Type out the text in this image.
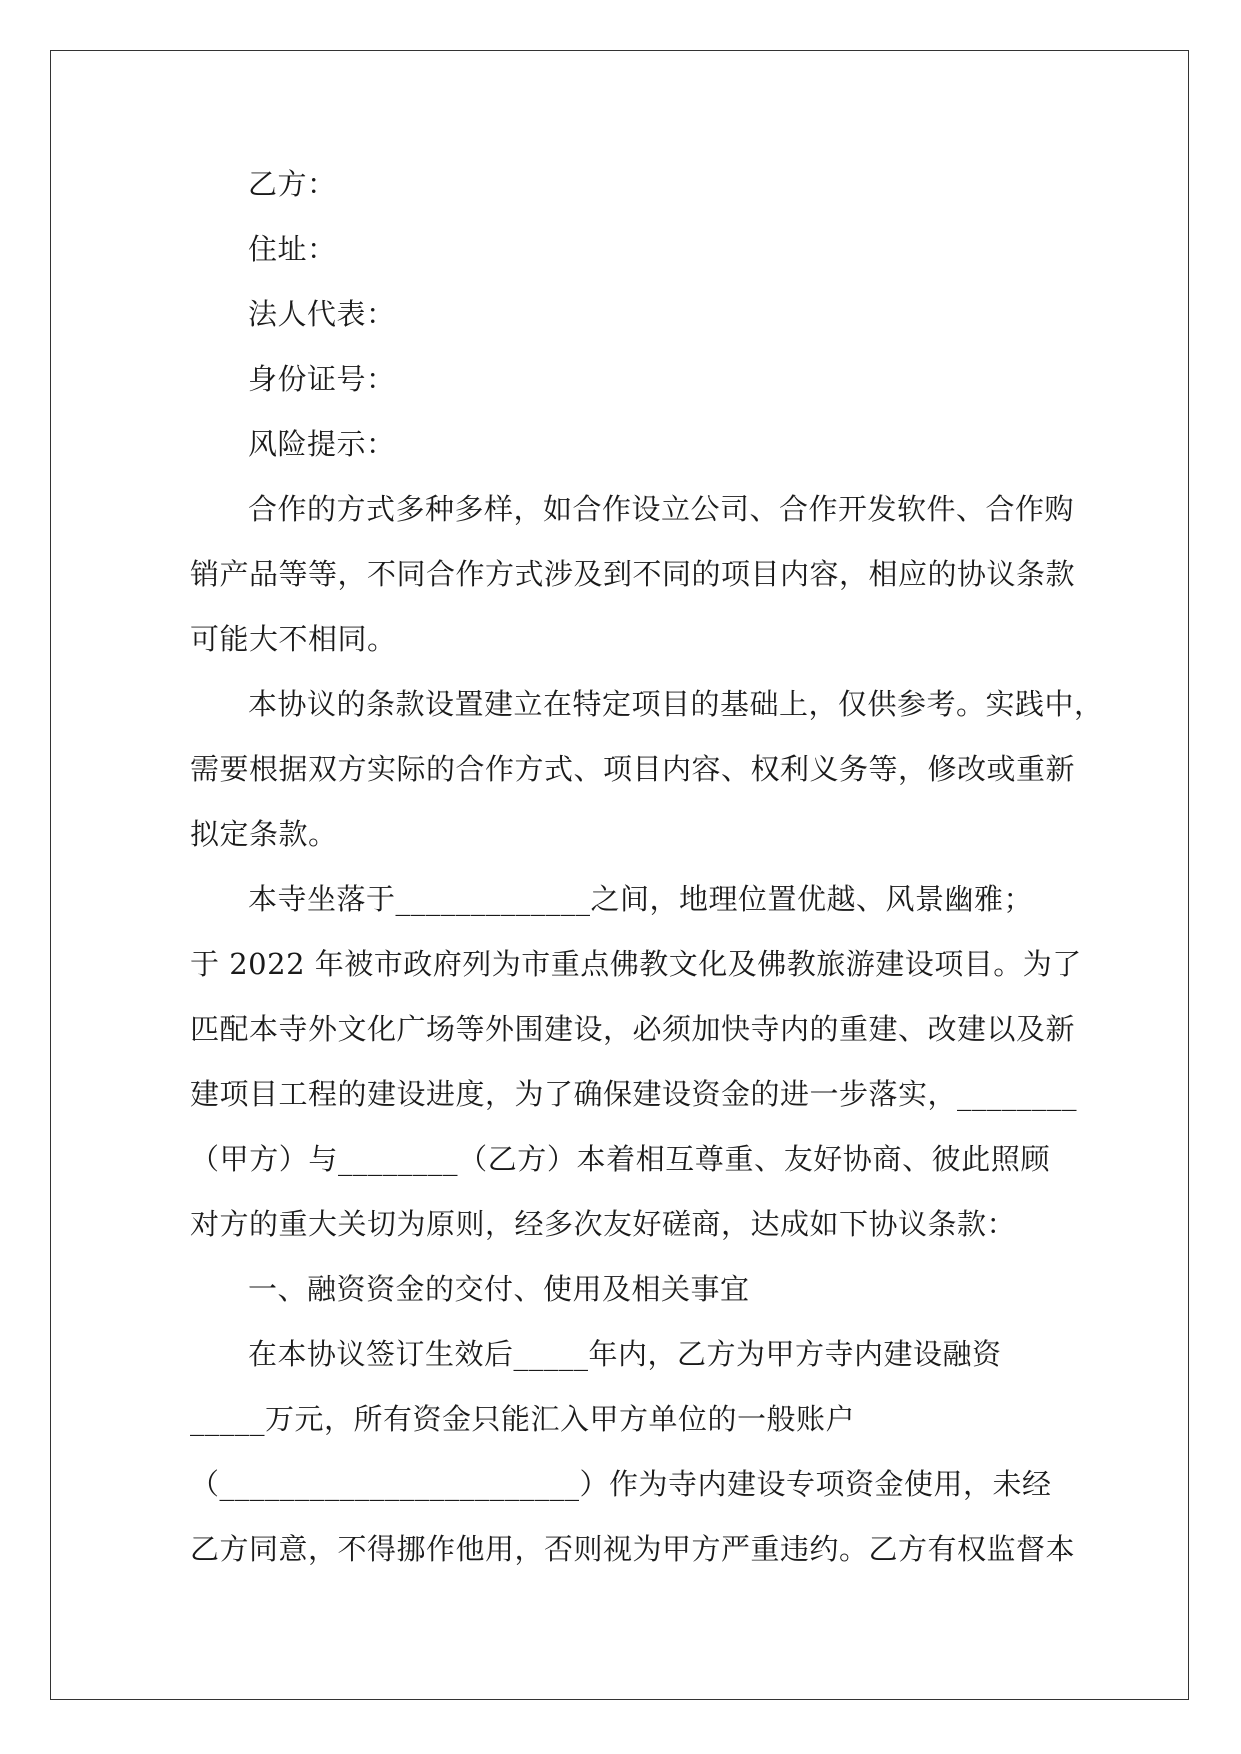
乙方：
住址：
法人代表：
身份证号：
风险提示：
合作的方式多种多样，如合作设立公司、合作开发软件、合作购
销产品等等，不同合作方式涉及到不同的项目内容，相应的协议条款
可能大不相同。
本协议的条款设置建立在特定项目的基础上，仅供参考。实践中，
需要根据双方实际的合作方式、项目内容、权利义务等，修改或重新
拟定条款。
本寺坐落于_____________之间，地理位置优越、风景幽雅；
于 2022 年被市政府列为市重点佛教文化及佛教旅游建设项目。为了
匹配本寺外文化广场等外围建设，必须加快寺内的重建、改建以及新
建项目工程的建设进度，为了确保建设资金的进一步落实，________
（甲方）与________（乙方）本着相互尊重、友好协商、彼此照顾
对方的重大关切为原则，经多次友好磋商，达成如下协议条款：
一、融资资金的交付、使用及相关事宜
在本协议签订生效后_____年内，乙方为甲方寺内建设融资
_____万元，所有资金只能汇入甲方单位的一般账户
（________________________）作为寺内建设专项资金使用，未经
乙方同意，不得挪作他用，否则视为甲方严重违约。乙方有权监督本
